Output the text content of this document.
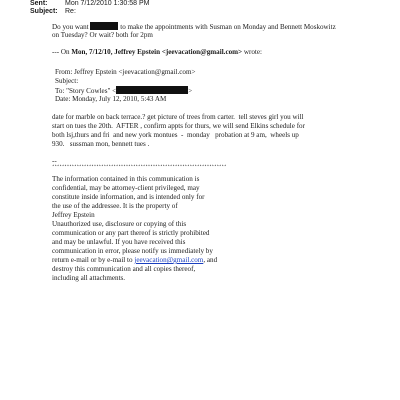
Sent:	Mon 7/12/2010 1:30:58 PM
Subject: Re:
Do you want	to make the appointments with Susman on Monday and Bennett Moskowitz
on Tuesday? Or wait? both for 2pm
--- On Mon, 7/12/10, Jeffrey Epstein <jeevacation@gmail.com> wrote:
From: Jeffrey Epstein <jeevacation@gmail.com>
Subject:
To: "Story Cowles" <	>
Date: Monday, July 12, 2010, 5:43 AM
date for marble on back terrace.? get picture of trees from carter.  tell steves girl you will
start on tues the 20th.  AFTER , confirm appts for thurs, we will send Elkins schedule for
both lsj,thurs and fri  and new york montues  -  monday   probation at 9 am,  wheels up
930.   sussman mon, bennett tues .
--
***********************************************************************
The information contained in this communication is
confidential, may be attorney-client privileged, may
constitute inside information, and is intended only for
the use of the addressee. It is the property of
Jeffrey Epstein
Unauthorized use, disclosure or copying of this
communication or any part thereof is strictly prohibited
and may be unlawful. If you have received this
communication in error, please notify us immediately by
return e-mail or by e-mail to jeevacation@gmail.com, and
destroy this communication and all copies thereof,
including all attachments.
